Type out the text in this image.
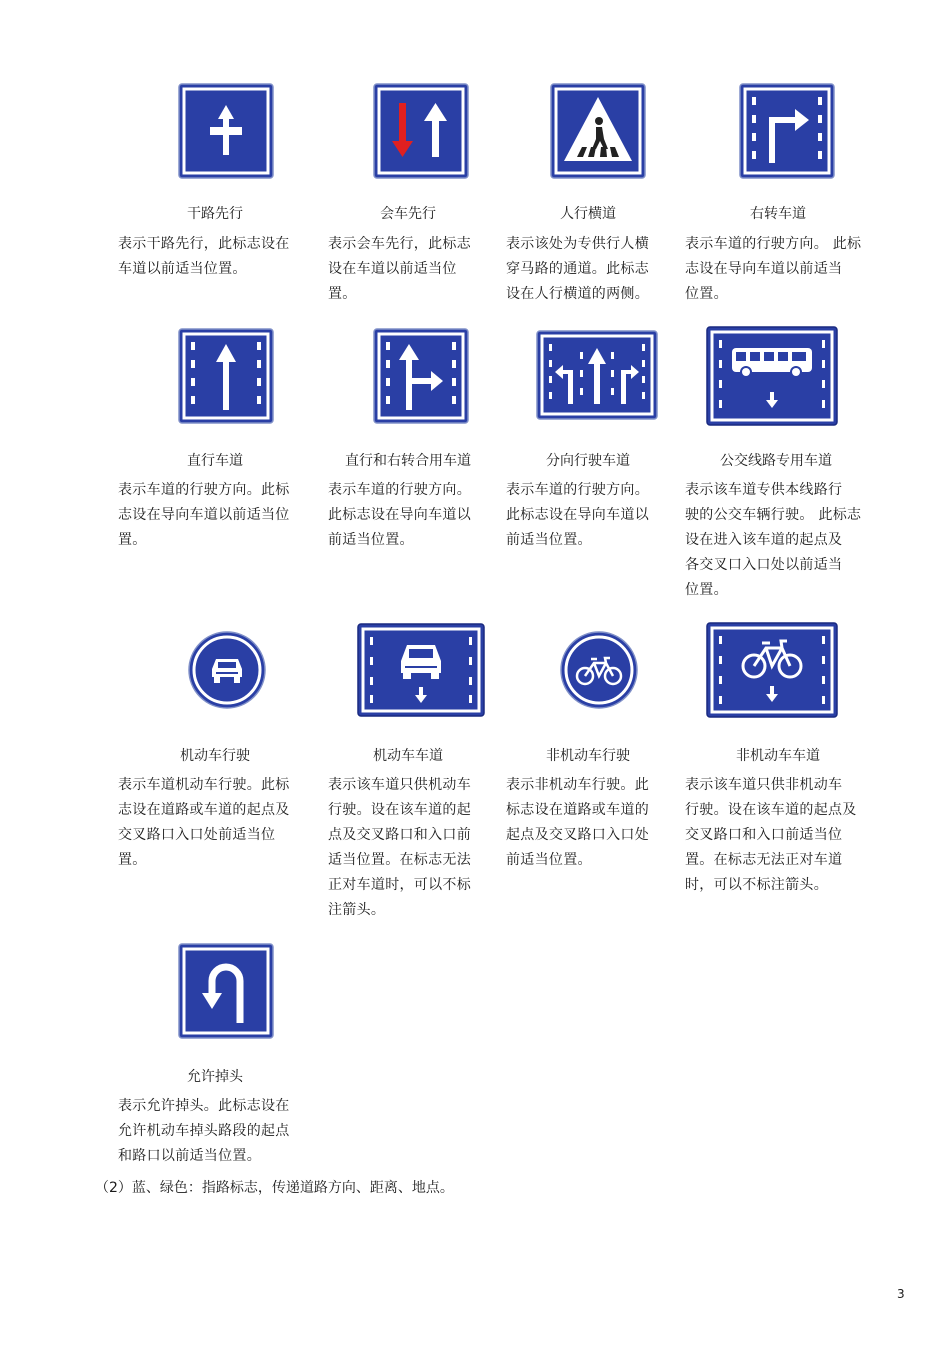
干路先行	会车先行	人行横道	右转车道
表示干路先行，此标志设在
车道以前适当位置。
表示会车先行，此标志
设在车道以前适当位
置。
表示该处为专供行人横
穿马路的通道。此标志
设在人行横道的两侧。
表示车道的行驶方向。 此标
志设在导向车道以前适当
位置。
直行车道	直行和右转合用车道	分向行驶车道	公交线路专用车道
表示车道的行驶方向。此标
志设在导向车道以前适当位
置。
表示车道的行驶方向。
此标志设在导向车道以
前适当位置。
表示车道的行驶方向。
此标志设在导向车道以
前适当位置。
表示该车道专供本线路行
驶的公交车辆行驶。 此标志
设在进入该车道的起点及
各交叉口入口处以前适当
位置。
机动车行驶	机动车车道	非机动车行驶	非机动车车道
表示车道机动车行驶。此标
志设在道路或车道的起点及
交叉路口入口处前适当位
置。
表示该车道只供机动车
行驶。设在该车道的起
点及交叉路口和入口前
适当位置。在标志无法
正对车道时，可以不标
注箭头。
表示非机动车行驶。此
标志设在道路或车道的
起点及交叉路口入口处
前适当位置。
表示该车道只供非机动车
行驶。设在该车道的起点及
交叉路口和入口前适当位
置。在标志无法正对车道
时，可以不标注箭头。
允许掉头
表示允许掉头。此标志设在
允许机动车掉头路段的起点
和路口以前适当位置。
（2）蓝、绿色：指路标志，传递道路方向、距离、地点。
3
